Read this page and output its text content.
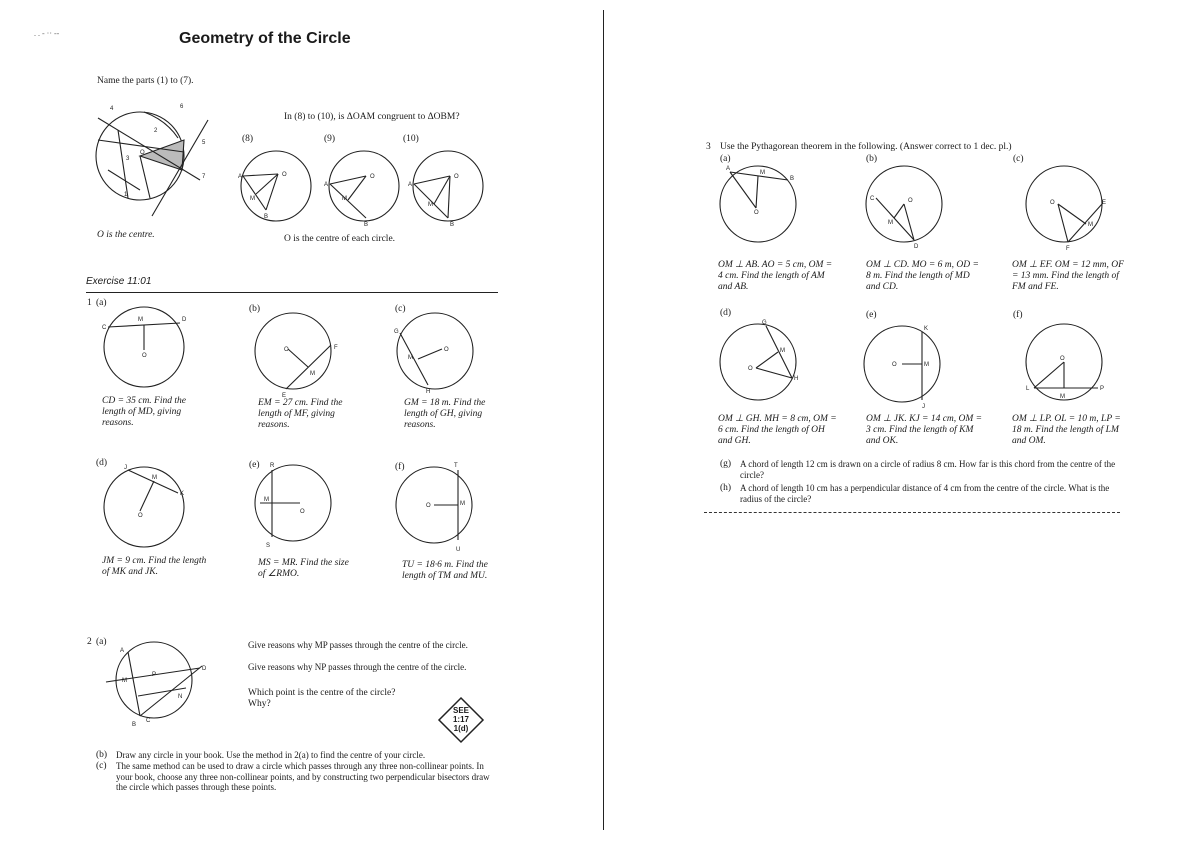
. . - ·· --	Geometry of the Circle
Name the parts (1) to (7).
O
1
2
3
4
5
6
7
O is the centre.
In (8) to (10), is ΔOAM congruent to ΔOBM?
(8)	(9)	(10)
A	O
B
M
A
O
B
M
A
O
B
M
O is the centre of each circle.
Exercise 11:01
1 (a)
(b)	(c)
C
M	D
O
O	F
E
M
G
O
H
M
CD = 35 cm. Find the length of MD, giving reasons.
EM = 27 cm. Find the length of MF, giving reasons.
GM = 18 m. Find the length of GH, giving reasons.
(d)	(e)	(f)
J
M
K
O
R
M
S
O
T
M
U
O
JM = 9 cm. Find the length of MK and JK.
MS = MR. Find the size of ∠RMO.
TU = 18·6 m. Find the length of TM and MU.
2 (a)
A
B
C
D
P
M
N
Give reasons why MP passes through the centre of the circle.
Give reasons why NP passes through the centre of the circle.
Which point is the centre of the circle?
Why?
SEE
1:17
1(d)
(b) Draw any circle in your book. Use the method in 2(a) to find the centre of your circle.
(c) The same method can be used to draw a circle which passes through any three non-collinear points. In your book, choose any three non-collinear points, and by constructing two perpendicular bisectors draw the circle which passes through these points.
3 Use the Pythagorean theorem in the following. (Answer correct to 1 dec. pl.)
(a)	(b)	(c)
A
M
B
O
C	O
M
D
O	E
M
F
OM ⊥ AB. AO = 5 cm, OM = 4 cm. Find the length of AM and AB.
OM ⊥ CD. MO = 6 m, OD = 8 m. Find the length of MD and CD.
OM ⊥ EF. OM = 12 mm, OF = 13 mm. Find the length of FM and FE.
(d)	(e)	(f)
G
M
H
O
K
O	M
J
L
O
M
P
OM ⊥ GH. MH = 8 cm, OM = 6 cm. Find the length of OH and GH.
OM ⊥ JK. KJ = 14 cm, OM = 3 cm. Find the length of KM and OK.
OM ⊥ LP. OL = 10 m, LP = 18 m. Find the length of LM and OM.
(g) A chord of length 12 cm is drawn on a circle of radius 8 cm. How far is this chord from the centre of the circle?
(h) A chord of length 10 cm has a perpendicular distance of 4 cm from the centre of the circle. What is the radius of the circle?
